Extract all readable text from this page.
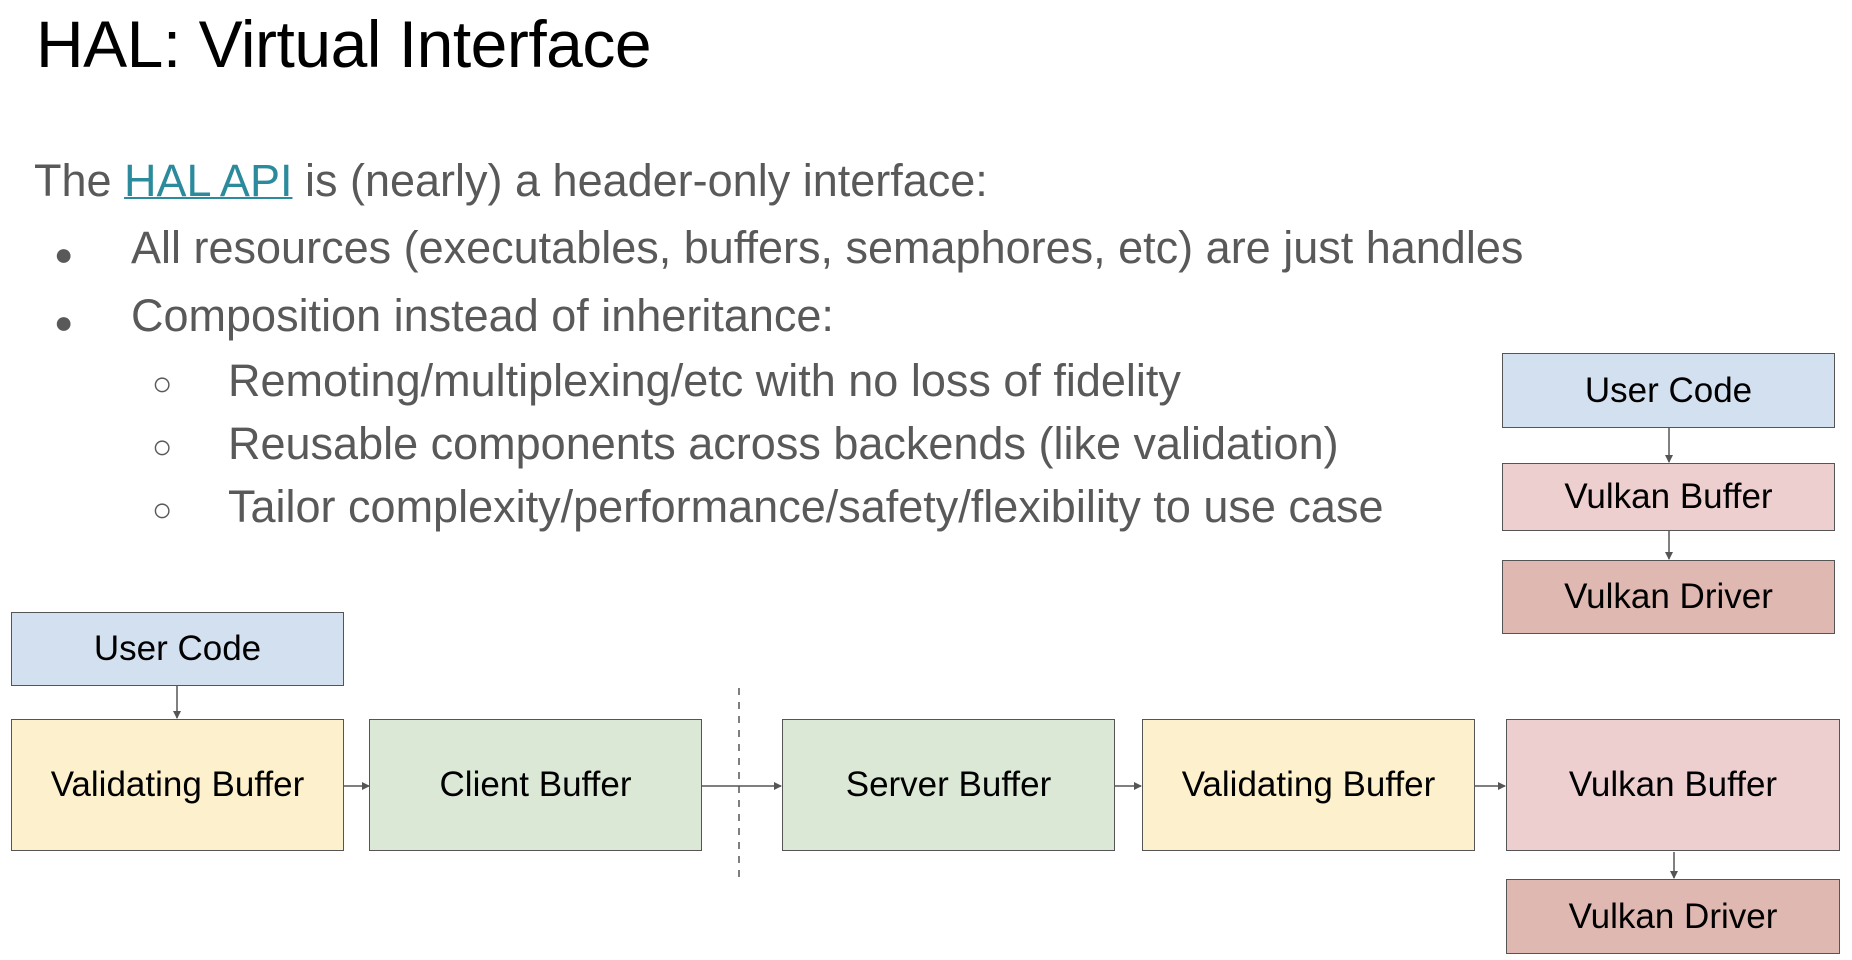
HAL: Virtual Interface
The HAL API is (nearly) a header-only interface:
● All resources (executables, buffers, semaphores, etc) are just handles
● Composition instead of inheritance:
○ Remoting/multiplexing/etc with no loss of fidelity
○ Reusable components across backends (like validation)
○ Tailor complexity/performance/safety/flexibility to use case
User Code
Vulkan Buffer
Vulkan Driver
User Code
Validating Buffer	Client Buffer	Server Buffer	Validating Buffer	Vulkan Buffer
Vulkan Driver
